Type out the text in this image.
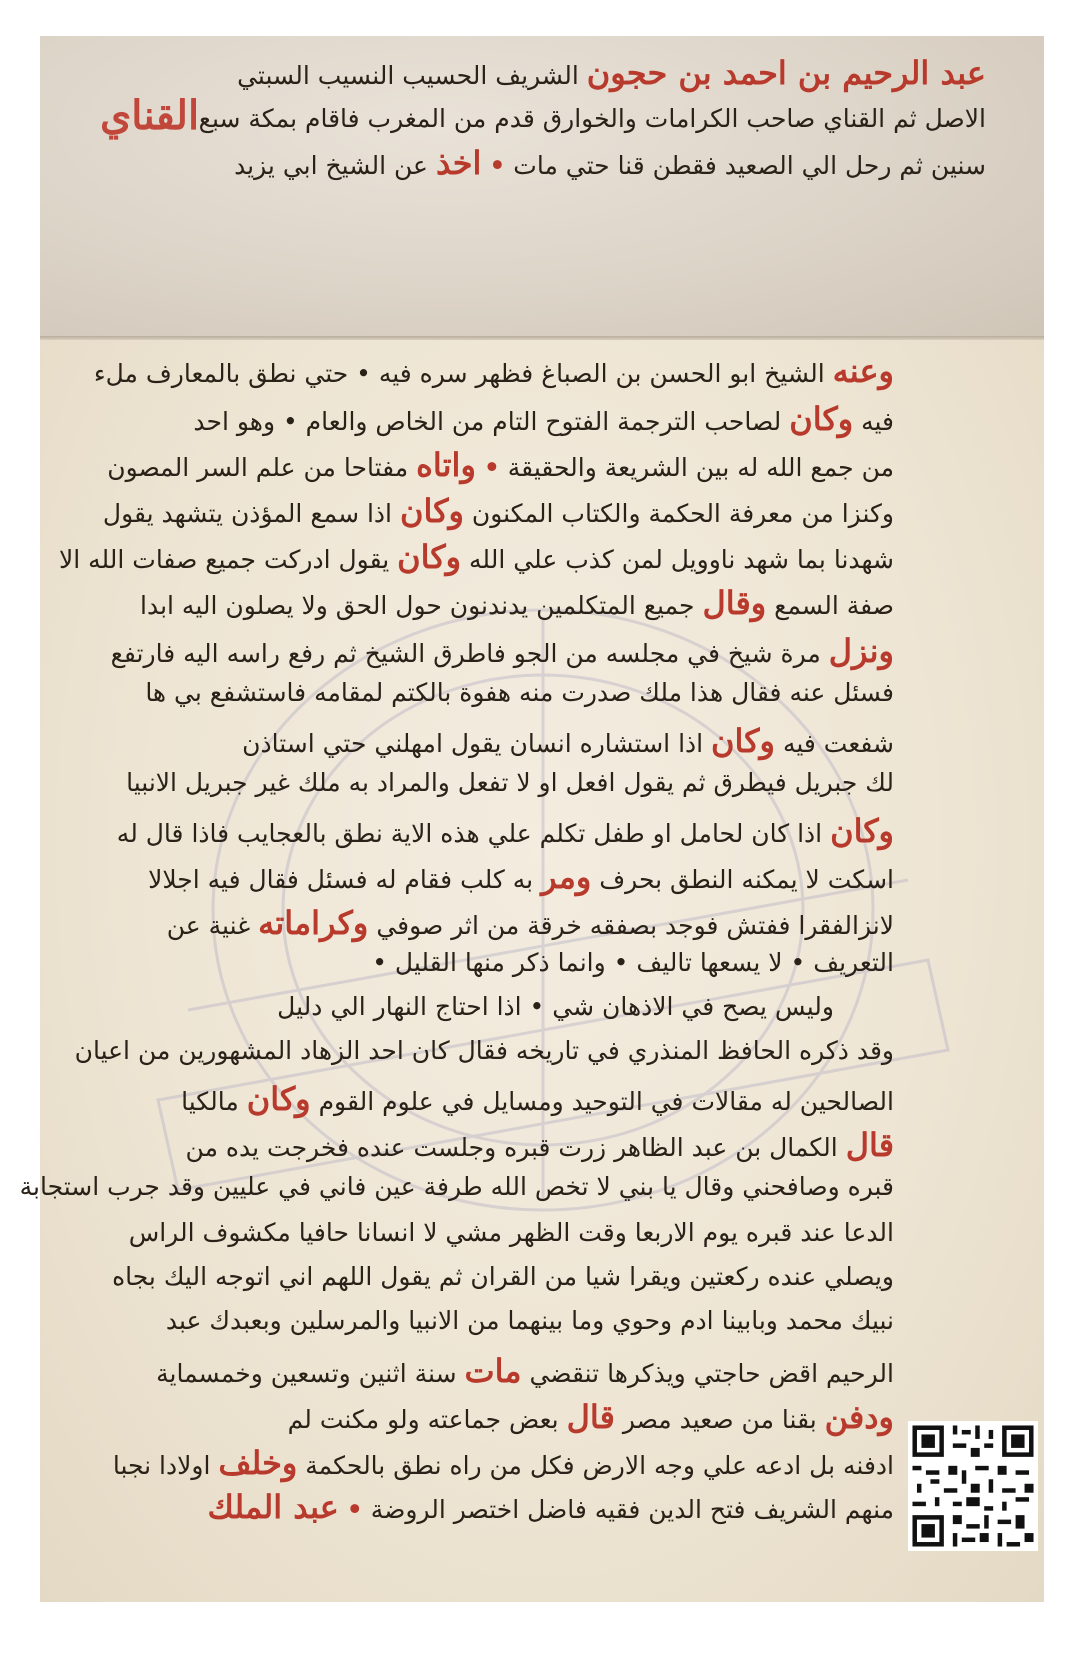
القناي
عبد الرحيم بن احمد بن حجون الشريف الحسيب النسيب السبتي
الاصل ثم القناي صاحب الكرامات والخوارق قدم من المغرب فاقام بمكة سبع
سنين ثم رحل الي الصعيد فقطن قنا حتي مات • اخذ عن الشيخ ابي يزيد
وعنه الشيخ ابو الحسن بن الصباغ فظهر سره فيه • حتي نطق بالمعارف ملء
فيه وكان لصاحب الترجمة الفتوح التام من الخاص والعام • وهو احد
من جمع الله له بين الشريعة والحقيقة • واتاه مفتاحا من علم السر المصون
وكنزا من معرفة الحكمة والكتاب المكنون وكان اذا سمع المؤذن يتشهد يقول
شهدنا بما شهد ناوويل لمن كذب علي الله وكان يقول ادركت جميع صفات الله الا
صفة السمع وقال جميع المتكلمين يدندنون حول الحق ولا يصلون اليه ابدا
ونزل مرة شيخ في مجلسه من الجو فاطرق الشيخ ثم رفع راسه اليه فارتفع
فسئل عنه فقال هذا ملك صدرت منه هفوة بالكتم لمقامه فاستشفع بي ها
شفعت فيه وكان اذا استشاره انسان يقول امهلني حتي استاذن
لك جبريل فيطرق ثم يقول افعل او لا تفعل والمراد به ملك غير جبريل الانبيا
وكان اذا كان لحامل او طفل تكلم علي هذه الاية نطق بالعجايب فاذا قال له
اسكت لا يمكنه النطق بحرف ومر به كلب فقام له فسئل فقال فيه اجلالا
لانزالفقرا ففتش فوجد بصفقه خرقة من اثر صوفي وكراماته غنية عن
التعريف • لا يسعها تاليف • وانما ذكر منها القليل •
وليس يصح في الاذهان شي • اذا احتاج النهار الي دليل
وقد ذكره الحافظ المنذري في تاريخه فقال كان احد الزهاد المشهورين من اعيان
الصالحين له مقالات في التوحيد ومسايل في علوم القوم وكان مالكيا
قال الكمال بن عبد الظاهر زرت قبره وجلست عنده فخرجت يده من
قبره وصافحني وقال يا بني لا تخص الله طرفة عين فاني في عليين وقد جرب استجابة
الدعا عند قبره يوم الاربعا وقت الظهر مشي لا انسانا حافيا مكشوف الراس
ويصلي عنده ركعتين ويقرا شيا من القران ثم يقول اللهم اني اتوجه اليك بجاه
نبيك محمد وبابينا ادم وحوي وما بينهما من الانبيا والمرسلين وبعبدك عبد
الرحيم اقض حاجتي ويذكرها تنقضي مات سنة اثنين وتسعين وخمسماية
ودفن بقنا من صعيد مصر قال بعض جماعته ولو مكنت لم
ادفنه بل ادعه علي وجه الارض فكل من راه نطق بالحكمة وخلف اولادا نجبا
منهم الشريف فتح الدين فقيه فاضل اختصر الروضة • عبد الملك
